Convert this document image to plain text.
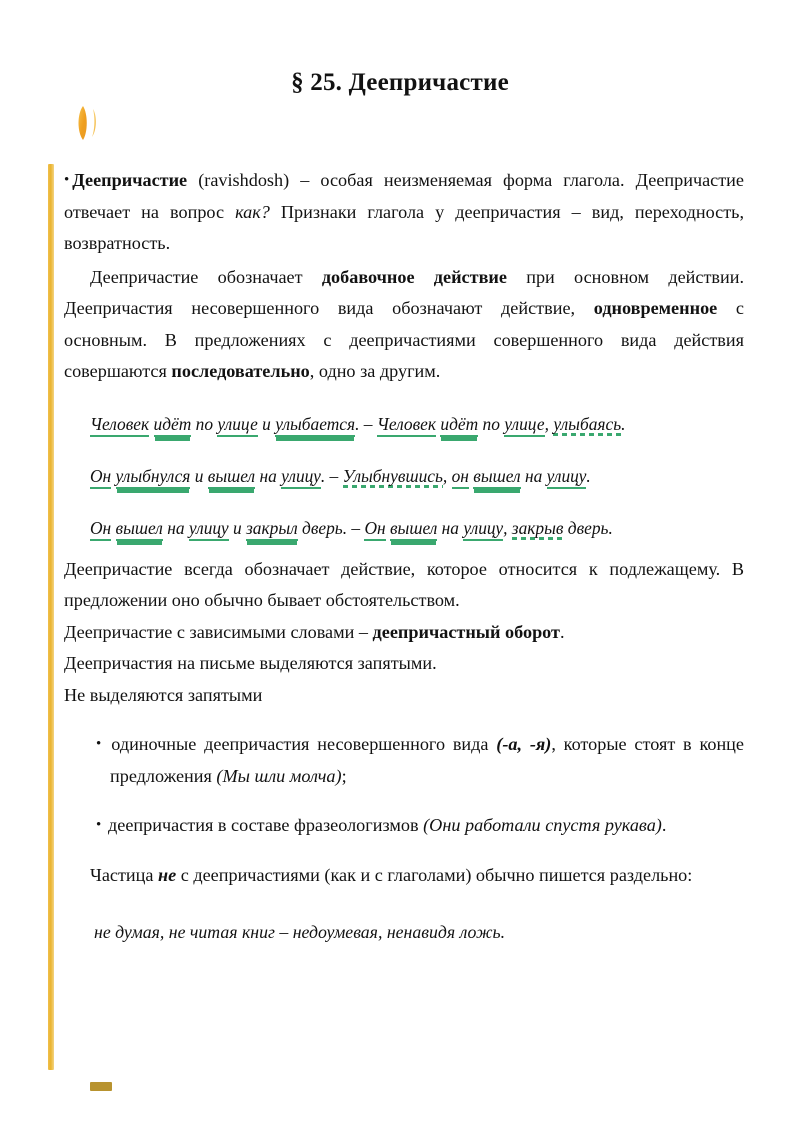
§ 25. Деепричастие

• Деепричастие (ravishdosh) – особая неизменяемая форма глагола. Деепричастие отвечает на вопрос как? Признаки глагола у деепричастия – вид, переходность, возвратность.

Деепричастие обозначает добавочное действие при основном действии. Деепричастия несовершенного вида обозначают действие, одновременное с основным. В предложениях с деепричастиями совершенного вида действия совершаются последовательно, одно за другим.

Человек идёт по улице и улыбается. – Человек идёт по улице, улыбаясь.
Он улыбнулся и вышел на улицу. – Улыбнувшись, он вышел на улицу.
Он вышел на улицу и закрыл дверь. – Он вышел на улицу, закрыв дверь.

Деепричастие всегда обозначает действие, которое относится к подлежащему. В предложении оно обычно бывает обстоятельством.

Деепричастие с зависимыми словами – деепричастный оборот.

Деепричастия на письме выделяются запятыми.

Не выделяются запятыми

• одиночные деепричастия несовершенного вида (-а, -я), которые стоят в конце предложения (Мы шли молча);

• деепричастия в составе фразеологизмов (Они работали спустя рукава).

Частица не с деепричастиями (как и с глаголами) обычно пишется раздельно:

не думая, не читая книг – недоумевая, ненавидя ложь.
